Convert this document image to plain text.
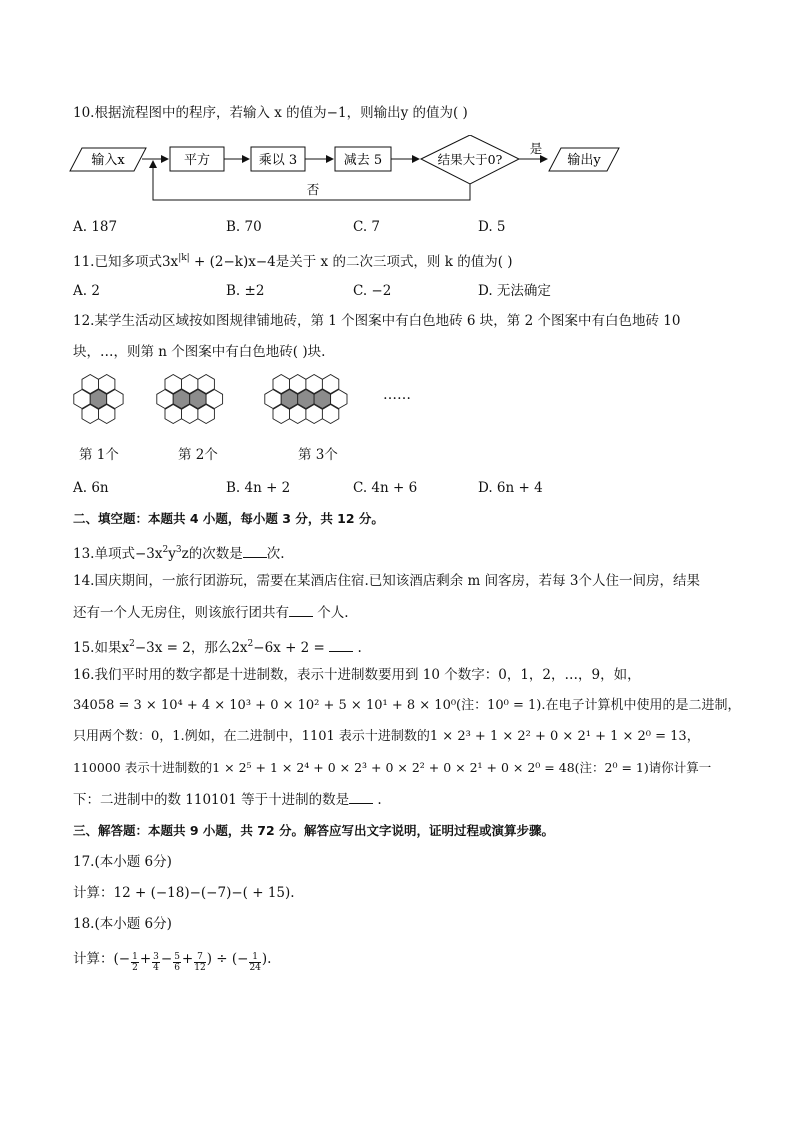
10.根据流程图中的程序，若输入 x 的值为−1，则输出y 的值为( )
输入x	平方	乘以 3	减去 5	结果大于0?
是
输出y
否
A. 187	B. 70	C. 7	D. 5
11.已知多项式$3x^{|k|} + (2-k)x-4$是关于 x 的二次三项式，则 k 的值为( )
A. 2	B. ±2	C. −2	D. 无法确定
12.某学生活动区域按如图规律铺地砖，第 1 个图案中有白色地砖 6 块，第 2 个图案中有白色地砖 10
块，…，则第 n 个图案中有白色地砖( )块.
……
第 1个	第 2个	第 3个
A. 6n	B. 4n + 2	C. 4n + 6	D. 6n + 4
二、填空题：本题共 4 小题，每小题 3 分，共 12 分。
13.单项式$-3x^2y^3z$的次数是 次.
14.国庆期间，一旅行团游玩，需要在某酒店住宿.已知该酒店剩余 m 间客房，若每 3个人住一间房，结果
还有一个人无房住，则该旅行团共有 个人.
15.如果$x^2-3x = 2$，那么$2x^2-6x + 2$ =  .
16.我们平时用的数字都是十进制数，表示十进制数要用到 10 个数字：0，1，2，…，9，如，
34058 = 3 × 10⁴ + 4 × 10³ + 0 × 10² + 5 × 10¹ + 8 × 10⁰(注：10⁰ = 1).在电子计算机中使用的是二进制，
只用两个数：0，1.例如，在二进制中，1101 表示十进制数的1 × 2³ + 1 × 2² + 0 × 2¹ + 1 × 2⁰ = 13，
110000 表示十进制数的1 × 2⁵ + 1 × 2⁴ + 0 × 2³ + 0 × 2² + 0 × 2¹ + 0 × 2⁰ = 48(注：2⁰ = 1)请你计算一
下：二进制中的数 110101 等于十进制的数是 .
三、解答题：本题共 9 小题，共 72 分。解答应写出文字说明，证明过程或演算步骤。
17.(本小题 6分)
计算：12 + (−18)−(−7)−( + 15).
18.(本小题 6分)
计算：(− $\frac{1}{2} + \frac{3}{4} - \frac{5}{6} + \frac{7}{12}$ ) ÷ (− $\frac{1}{24}$ ).
